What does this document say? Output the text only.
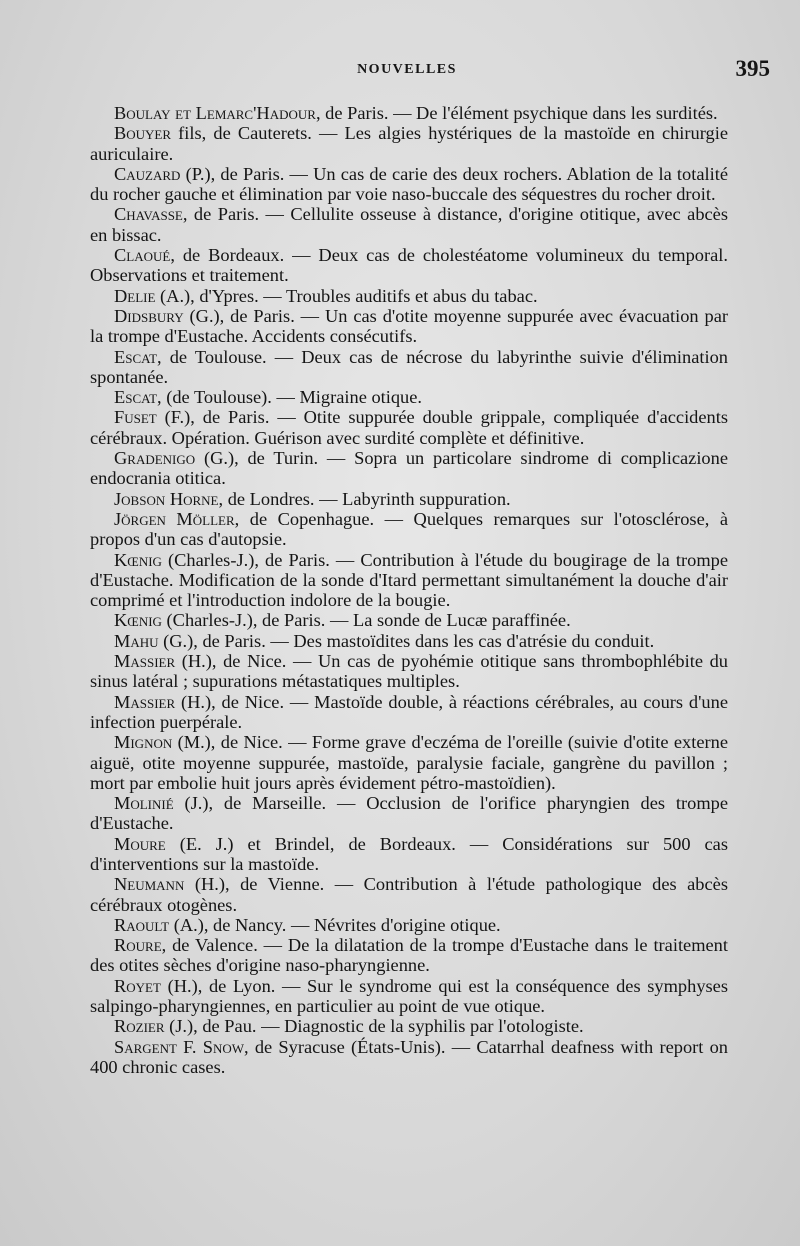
NOUVELLES	395

Boulay et Lemarc'Hadour, de Paris. — De l'élément psychique dans les surdités.

Bouyer fils, de Cauterets. — Les algies hystériques de la mastoïde en chirurgie auriculaire.

Cauzard (P.), de Paris. — Un cas de carie des deux rochers. Ablation de la totalité du rocher gauche et élimination par voie naso-buccale des séquestres du rocher droit.

Chavasse, de Paris. — Cellulite osseuse à distance, d'origine otitique, avec abcès en bissac.

Claoué, de Bordeaux. — Deux cas de cholestéatome volumineux du temporal. Observations et traitement.

Delie (A.), d'Ypres. — Troubles auditifs et abus du tabac.

Didsbury (G.), de Paris. — Un cas d'otite moyenne suppurée avec évacuation par la trompe d'Eustache. Accidents consécutifs.

Escat, de Toulouse. — Deux cas de nécrose du labyrinthe suivie d'élimination spontanée.

Escat, (de Toulouse). — Migraine otique.

Fuset (F.), de Paris. — Otite suppurée double grippale, compliquée d'accidents cérébraux. Opération. Guérison avec surdité complète et définitive.

Gradenigo (G.), de Turin. — Sopra un particolare sindrome di complicazione endocrania otitica.

Jobson Horne, de Londres. — Labyrinth suppuration.

Jörgen Möller, de Copenhague. — Quelques remarques sur l'otosclérose, à propos d'un cas d'autopsie.

Kœnig (Charles-J.), de Paris. — Contribution à l'étude du bougirage de la trompe d'Eustache. Modification de la sonde d'Itard permettant simultanément la douche d'air comprimé et l'introduction indolore de la bougie.

Kœnig (Charles-J.), de Paris. — La sonde de Lucæ paraffinée.

Mahu (G.), de Paris. — Des mastoïdites dans les cas d'atrésie du conduit.

Massier (H.), de Nice. — Un cas de pyohémie otitique sans thrombophlébite du sinus latéral ; supurations métastatiques multiples.

Massier (H.), de Nice. — Mastoïde double, à réactions cérébrales, au cours d'une infection puerpérale.

Mignon (M.), de Nice. — Forme grave d'eczéma de l'oreille (suivie d'otite externe aiguë, otite moyenne suppurée, mastoïde, paralysie faciale, gangrène du pavillon ; mort par embolie huit jours après évidement pétro-mastoïdien).

Molinié (J.), de Marseille. — Occlusion de l'orifice pharyngien des trompe d'Eustache.

Moure (E. J.) et Brindel, de Bordeaux. — Considérations sur 500 cas d'interventions sur la mastoïde.

Neumann (H.), de Vienne. — Contribution à l'étude pathologique des abcès cérébraux otogènes.

Raoult (A.), de Nancy. — Névrites d'origine otique.

Roure, de Valence. — De la dilatation de la trompe d'Eustache dans le traitement des otites sèches d'origine naso-pharyngienne.

Royet (H.), de Lyon. — Sur le syndrome qui est la conséquence des symphyses salpingo-pharyngiennes, en particulier au point de vue otique.

Rozier (J.), de Pau. — Diagnostic de la syphilis par l'otologiste.

Sargent F. Snow, de Syracuse (États-Unis). — Catarrhal deafness with report on 400 chronic cases.
